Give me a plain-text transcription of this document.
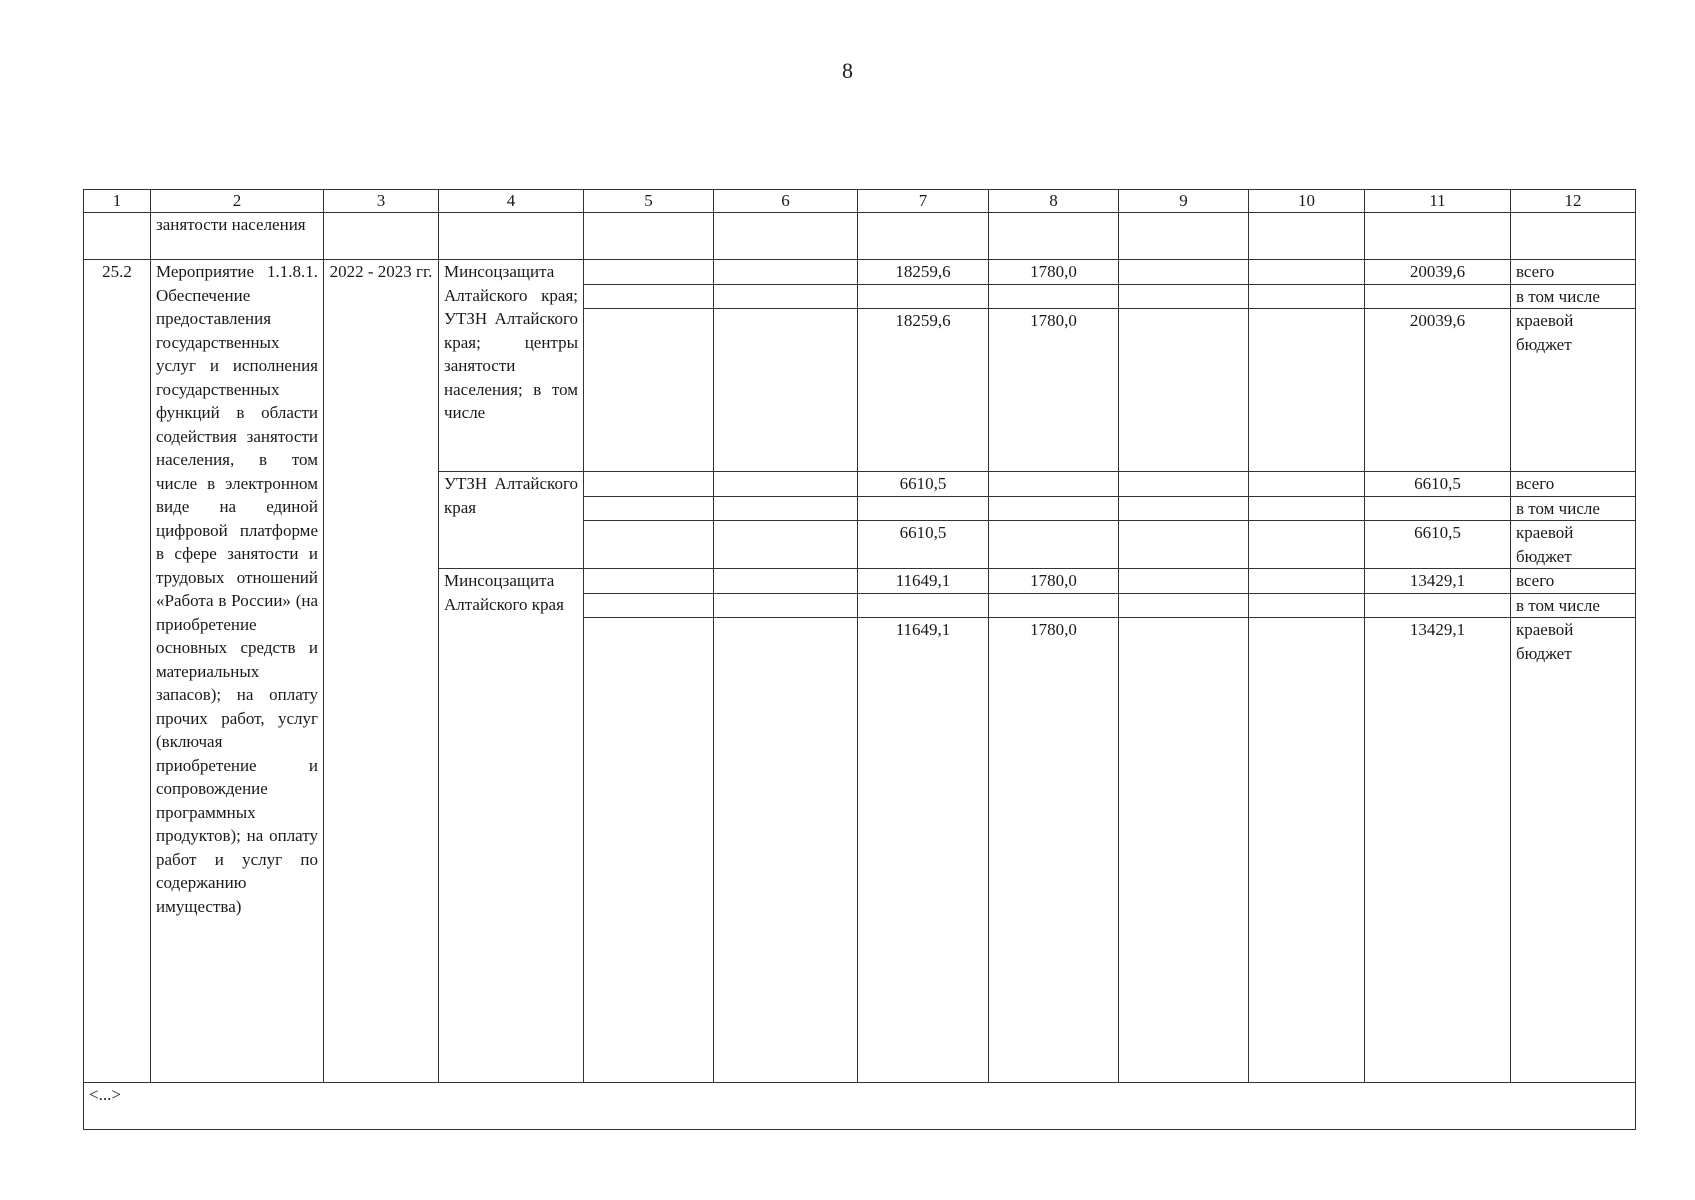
8
1	2	3	4	5	6	7	8	9	10	11	12
	занятости населения										
25.2	Мероприятие 1.1.8.1. Обеспечение предоставления государственных услуг и исполнения государственных функций в области содействия занятости населения, в том числе в электронном виде на единой цифровой платформе в сфере занятости и трудовых отношений «Работа в России» (на приобретение основных средств и материальных запасов); на оплату прочих работ, услуг (включая приобретение и сопровождение программных продуктов); на оплату работ и услуг по содержанию имущества)	2022 - 2023 гг.	Минсоцзащита Алтайского края; УТЗН Алтайского края; центры занятости населения; в том числе			18259,6	1780,0			20039,6	всего
											в том числе
						18259,6	1780,0			20039,6	краевой бюджет
			УТЗН Алтайского края			6610,5				6610,5	всего
											в том числе
						6610,5				6610,5	краевой бюджет
			Минсоцзащита Алтайского края			11649,1	1780,0			13429,1	всего
											в том числе
						11649,1	1780,0			13429,1	краевой бюджет
<...>											
